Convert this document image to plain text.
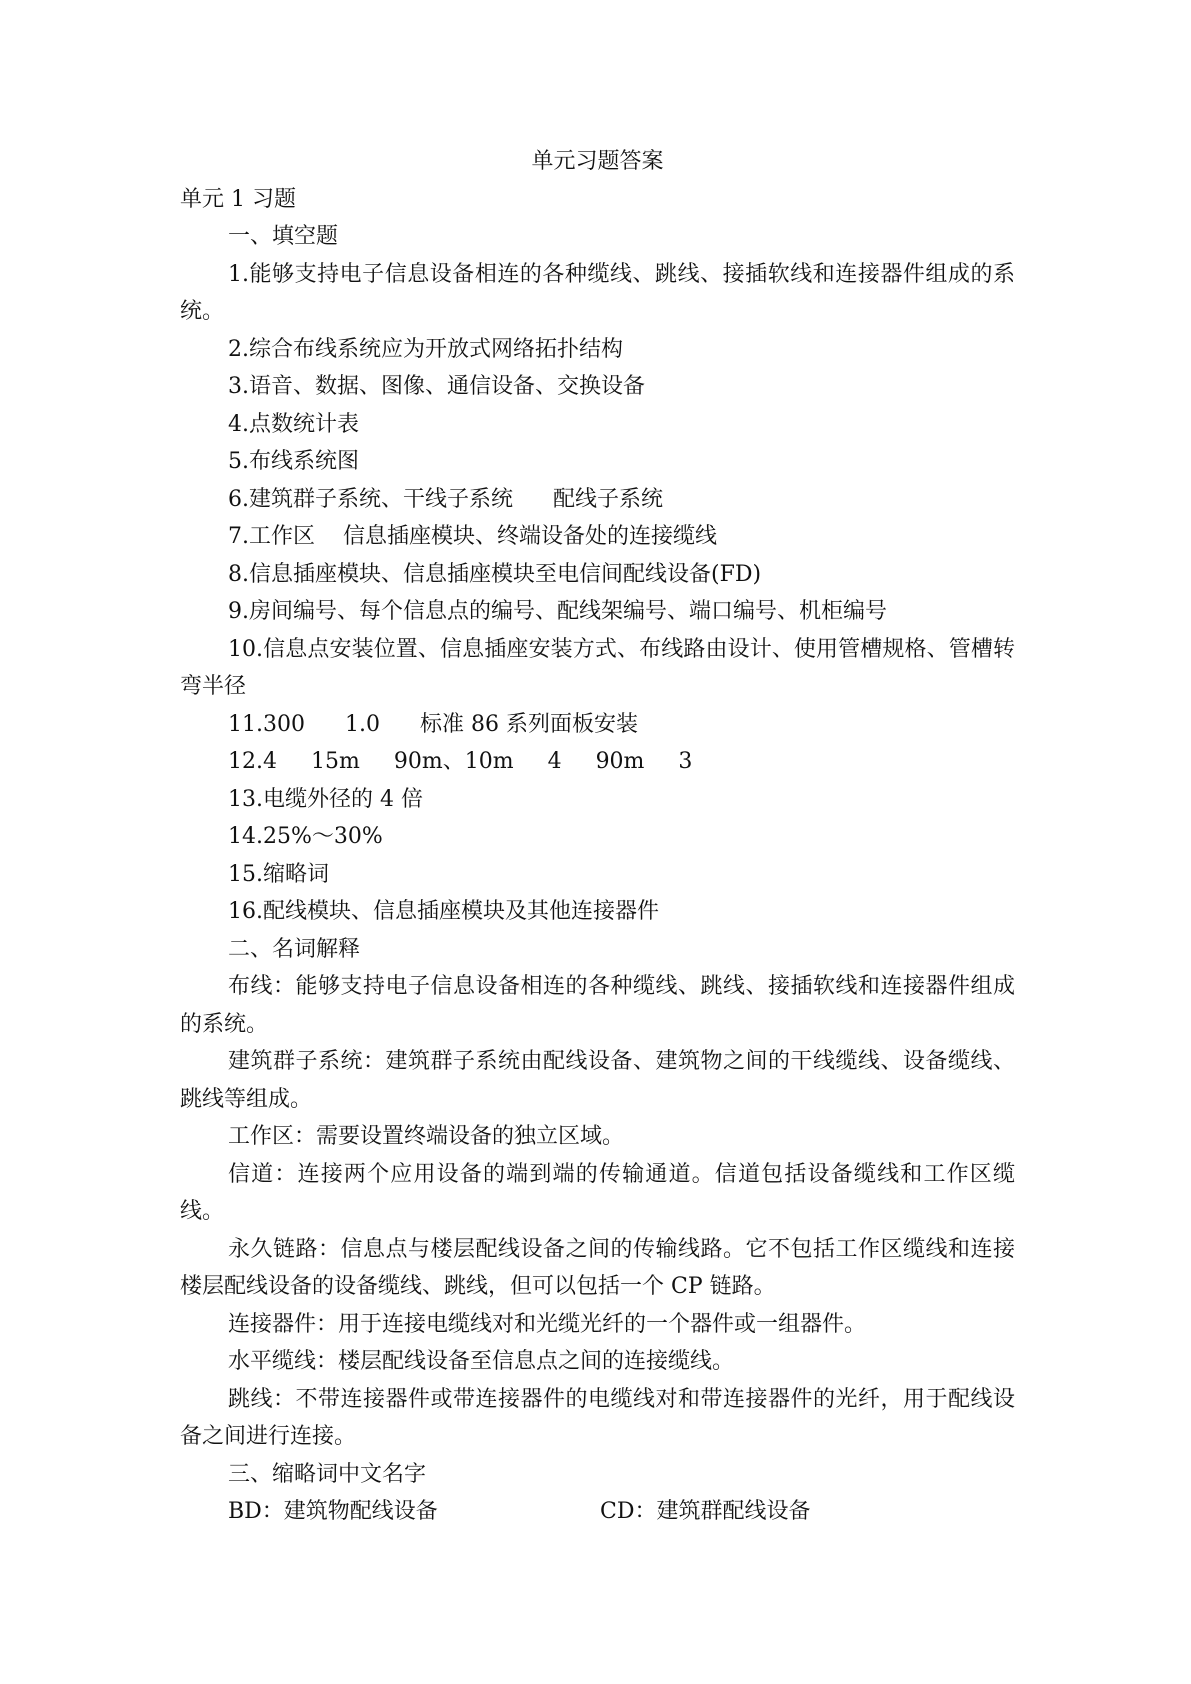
单元习题答案

单元 1 习题

一、填空题

1.能够支持电子信息设备相连的各种缆线、跳线、接插软线和连接器件组成的系统。

2.综合布线系统应为开放式网络拓扑结构

3.语音、数据、图像、通信设备、交换设备

4.点数统计表

5.布线系统图

6.建筑群子系统、干线子系统 配线子系统

7.工作区 信息插座模块、终端设备处的连接缆线

8.信息插座模块、信息插座模块至电信间配线设备(FD)

9.房间编号、每个信息点的编号、配线架编号、端口编号、机柜编号

10.信息点安装位置、信息插座安装方式、布线路由设计、使用管槽规格、管槽转弯半径

11.300 1.0 标准 86 系列面板安装

12.4 15m 90m、10m 4 90m 3

13.电缆外径的 4 倍

14.25%～30%

15.缩略词

16.配线模块、信息插座模块及其他连接器件

二、名词解释

布线：能够支持电子信息设备相连的各种缆线、跳线、接插软线和连接器件组成的系统。

建筑群子系统：建筑群子系统由配线设备、建筑物之间的干线缆线、设备缆线、跳线等组成。

工作区：需要设置终端设备的独立区域。

信道：连接两个应用设备的端到端的传输通道。信道包括设备缆线和工作区缆线。

永久链路：信息点与楼层配线设备之间的传输线路。它不包括工作区缆线和连接楼层配线设备的设备缆线、跳线，但可以包括一个 CP 链路。

连接器件：用于连接电缆线对和光缆光纤的一个器件或一组器件。

水平缆线：楼层配线设备至信息点之间的连接缆线。

跳线：不带连接器件或带连接器件的电缆线对和带连接器件的光纤，用于配线设备之间进行连接。

三、缩略词中文名字

BD：建筑物配线设备	CD：建筑群配线设备
